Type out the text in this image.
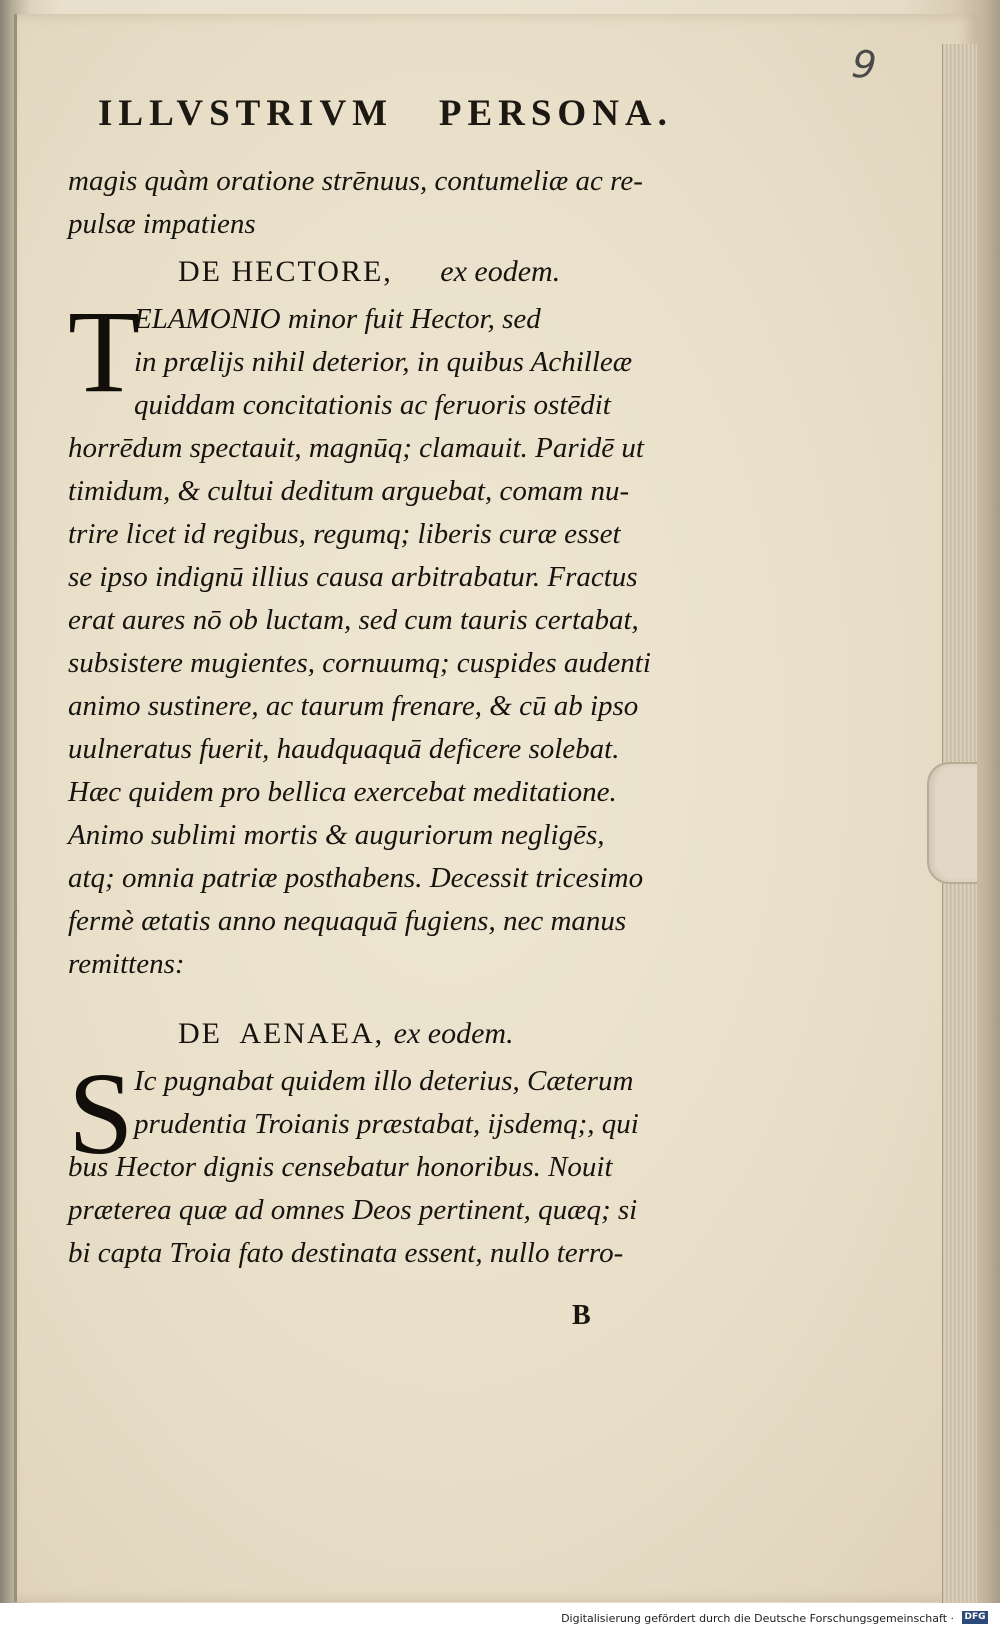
9
ILLVSTRIVM   PERSONA.
magis quàm oratione strēnuus, contumeliæ ac re-
pulsæ impatiens
DE HECTORE, ex eodem.
T
ELAMONIO minor fuit Hector, sed
in prælijs nihil deterior, in quibus Achilleæ
quiddam concitationis ac feruoris ostēdit
horrēdum spectauit, magnūq; clamauit. Paridē ut
timidum, & cultui deditum arguebat, comam nu-
trire licet id regibus, regumq; liberis curæ esset
se ipso indignū illius causa arbitrabatur. Fractus
erat aures nō ob luctam, sed cum tauris certabat,
subsistere mugientes, cornuumq; cuspides audenti
animo sustinere, ac taurum frenare, & cū ab ipso
uulneratus fuerit, haudquaquā deficere solebat.
Hæc quidem pro bellica exercebat meditatione.
Animo sublimi mortis & auguriorum negligēs,
atq; omnia patriæ posthabens. Decessit tricesimo
fermè ætatis anno nequaquā fugiens, nec manus
remittens:
DE  AENAEA, ex eodem.
S Ic pugnabat quidem illo deterius, Cæterum
prudentia Troianis præstabat, ijsdemq;, qui
bus Hector dignis censebatur honoribus. Nouit
præterea quæ ad omnes Deos pertinent, quæq; si
bi capta Troia fato destinata essent, nullo terro-
B
Digitalisierung gefördert durch die Deutsche Forschungsgemeinschaft · DFG
